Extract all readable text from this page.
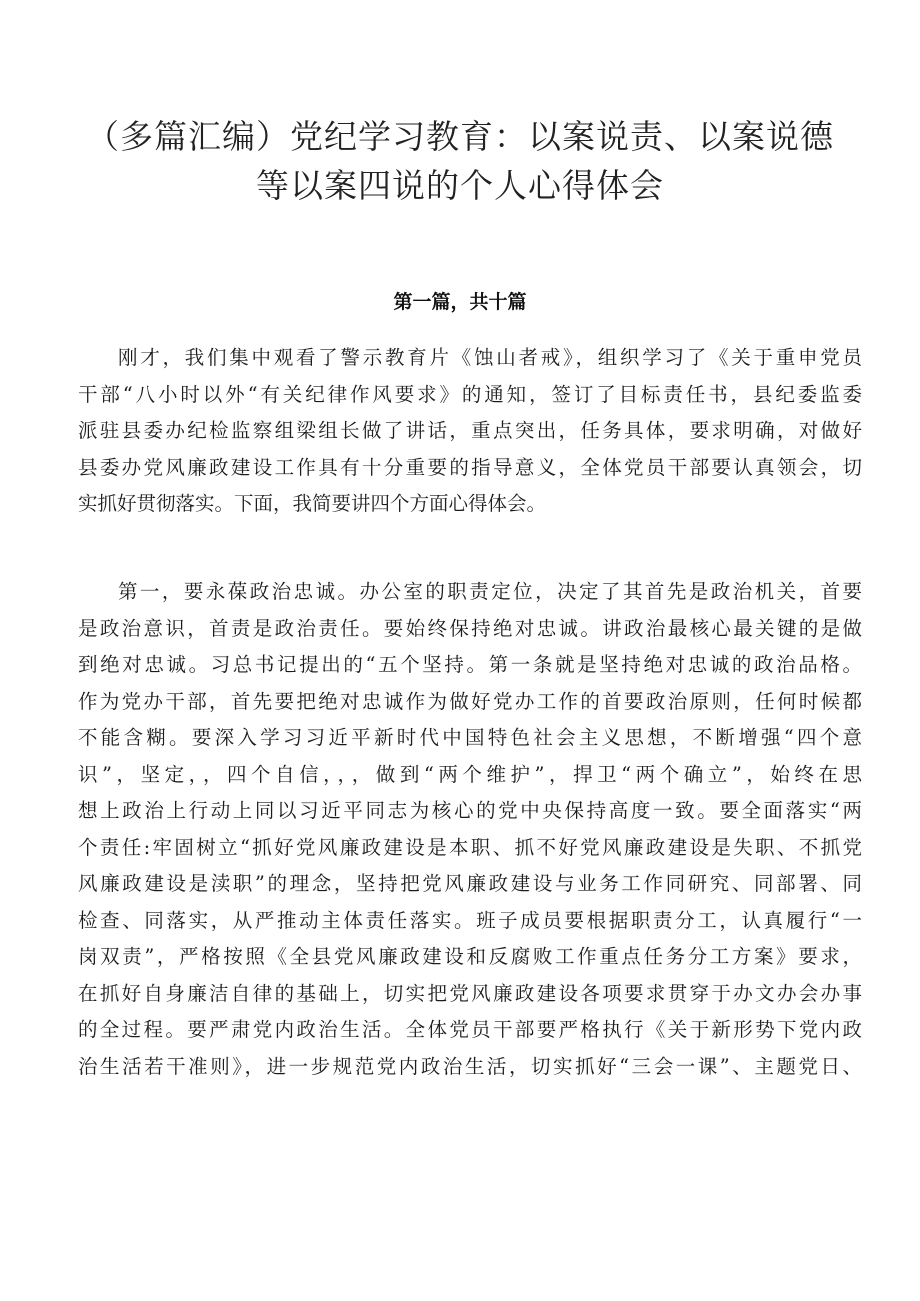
（多篇汇编）党纪学习教育：以案说责、以案说德
等以案四说的个人心得体会
第一篇，共十篇
刚才，我们集中观看了警示教育片《蚀山者戒》，组织学习了《关于重申党员
干部“八小时以外“有关纪律作风要求》的通知，签订了目标责任书，县纪委监委
派驻县委办纪检监察组梁组长做了讲话，重点突出，任务具体，要求明确，对做好
县委办党风廉政建设工作具有十分重要的指导意义，全体党员干部要认真领会，切
实抓好贯彻落实。下面，我简要讲四个方面心得体会。
第一，要永葆政治忠诚。办公室的职责定位，决定了其首先是政治机关，首要
是政治意识，首责是政治责任。要始终保持绝对忠诚。讲政治最核心最关键的是做
到绝对忠诚。习总书记提出的“五个坚持。第一条就是坚持绝对忠诚的政治品格。
作为党办干部，首先要把绝对忠诚作为做好党办工作的首要政治原则，任何时候都
不能含糊。要深入学习习近平新时代中国特色社会主义思想，不断增强“四个意
识”，坚定，，四个自信，，，做到“两个维护”，捍卫“两个确立”，始终在思
想上政治上行动上同以习近平同志为核心的党中央保持高度一致。要全面落实“两
个责任:牢固树立“抓好党风廉政建设是本职、抓不好党风廉政建设是失职、不抓党
风廉政建设是渎职”的理念，坚持把党风廉政建设与业务工作同研究、同部署、同
检查、同落实，从严推动主体责任落实。班子成员要根据职责分工，认真履行“一
岗双责”，严格按照《全县党风廉政建设和反腐败工作重点任务分工方案》要求，
在抓好自身廉洁自律的基础上，切实把党风廉政建设各项要求贯穿于办文办会办事
的全过程。要严肃党内政治生活。全体党员干部要严格执行《关于新形势下党内政
治生活若干准则》，进一步规范党内政治生活，切实抓好“三会一课”、主题党日、
